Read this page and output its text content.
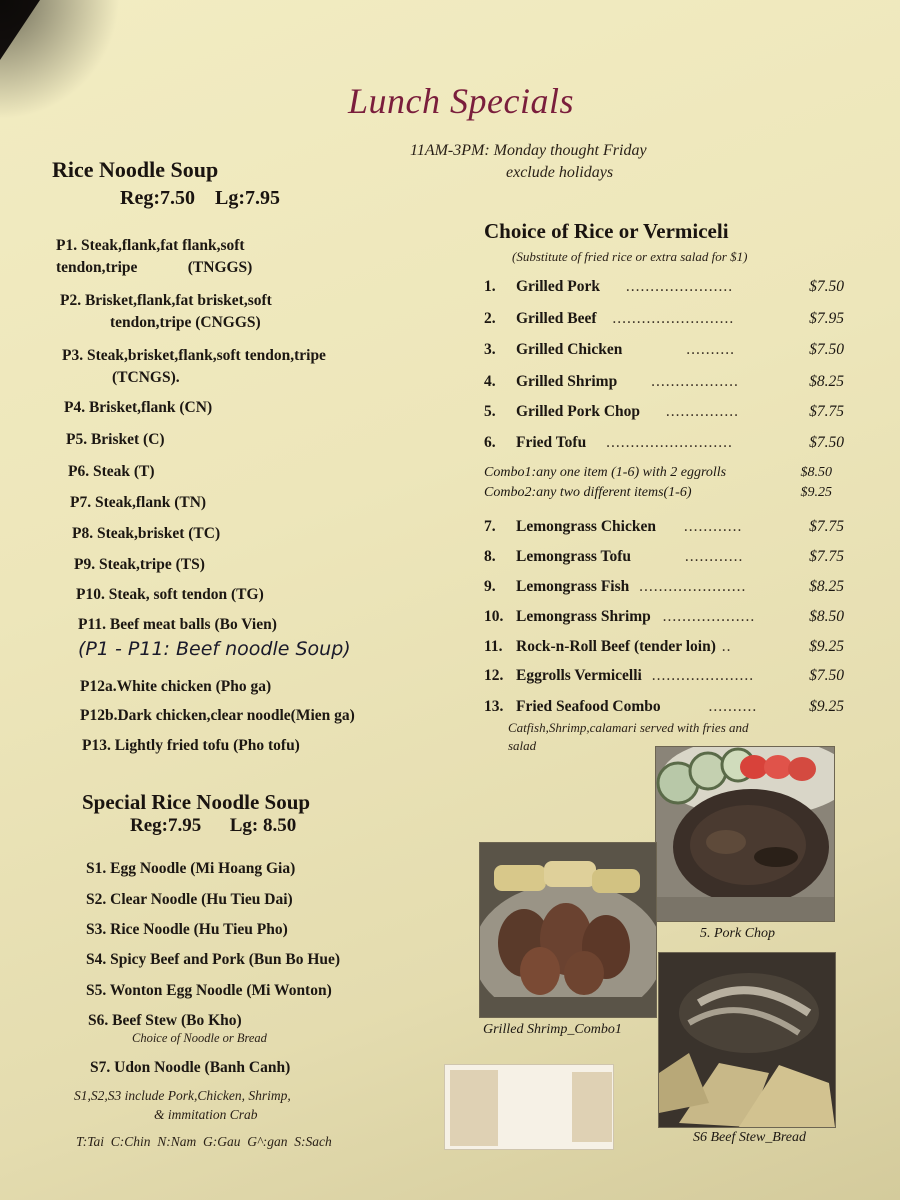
Lunch Specials
11AM-3PM: Monday thought Friday
exclude holidays
Rice Noodle Soup
Reg:7.50    Lg:7.95
P1. Steak,flank,fat flank,soft
tendon,tripe             (TNGGS)
P2. Brisket,flank,fat brisket,soft
tendon,tripe (CNGGS)
P3. Steak,brisket,flank,soft tendon,tripe
(TCNGS).
P4. Brisket,flank (CN)
P5. Brisket (C)
P6. Steak (T)
P7. Steak,flank (TN)
P8. Steak,brisket (TC)
P9. Steak,tripe (TS)
P10. Steak, soft tendon (TG)
P11. Beef meat balls (Bo Vien)
(P1 - P11: Beef noodle Soup)
P12a.White chicken (Pho ga)
P12b.Dark chicken,clear noodle(Mien ga)
P13. Lightly fried tofu (Pho tofu)
Special Rice Noodle Soup
Reg:7.95      Lg: 8.50
S1. Egg Noodle (Mi Hoang Gia)
S2. Clear Noodle (Hu Tieu Dai)
S3. Rice Noodle (Hu Tieu Pho)
S4. Spicy Beef and Pork (Bun Bo Hue)
S5. Wonton Egg Noodle (Mi Wonton)
S6. Beef Stew (Bo Kho)
Choice of Noodle or Bread
S7. Udon Noodle (Banh Canh)
S1,S2,S3 include Pork,Chicken, Shrimp,
& immitation Crab
T:Tai  C:Chin  N:Nam  G:Gau  G^:gan  S:Sach
Choice of Rice or Vermiceli
(Substitute of fried rice or extra salad for $1)
1. Grilled Pork ......................	$7.50
2. Grilled Beef .........................	$7.95
3. Grilled Chicken	..........	$7.50
4. Grilled Shrimp ..................	$8.25
5. Grilled Pork Chop ...............	$7.75
6. Fried Tofu ..........................	$7.50
Combo1:any one item (1-6) with 2 eggrolls	$8.50
Combo2:any two different items(1-6)	$9.25
7. Lemongrass Chicken ............	$7.75
8. Lemongrass Tofu	............	$7.75
9. Lemongrass Fish ......................	$8.25
10. Lemongrass Shrimp ...................	$8.50
11. Rock-n-Roll Beef (tender loin) ..	$9.25
12. Eggrolls Vermicelli .....................	$7.50
13. Fried Seafood Combo	..........	$9.25
Catfish,Shrimp,calamari served with fries and
salad
5. Pork Chop
Grilled Shrimp_Combo1
S6 Beef Stew_Bread
